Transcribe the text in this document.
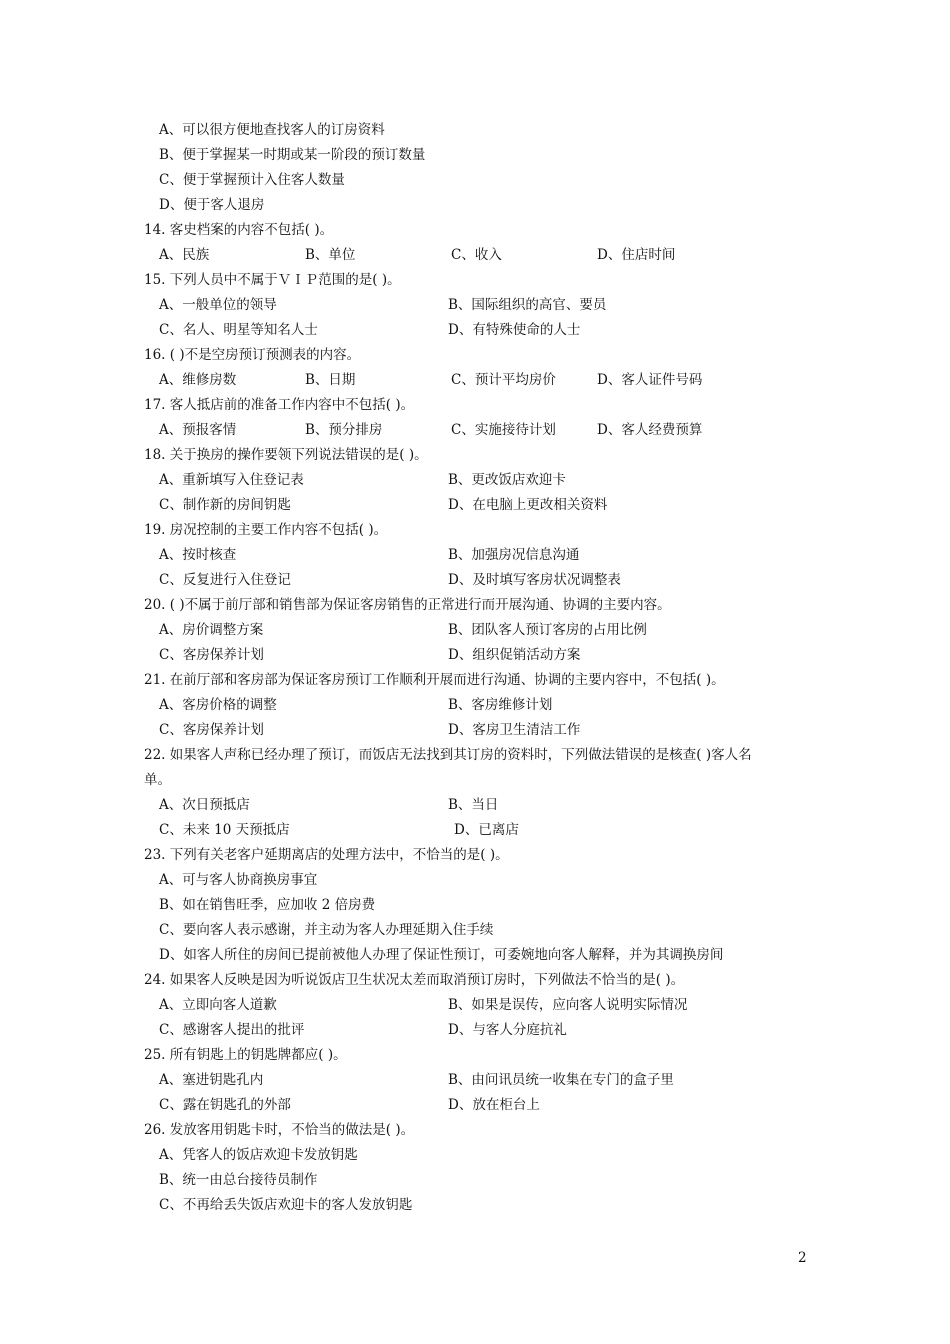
A、可以很方便地查找客人的订房资料
B、便于掌握某一时期或某一阶段的预订数量
C、便于掌握预计入住客人数量
D、便于客人退房
14. 客史档案的内容不包括( )。
A、民族	B、单位	C、收入	D、住店时间
15. 下列人员中不属于ＶＩＰ范围的是( )。
A、一般单位的领导	B、国际组织的高官、要员
C、名人、明星等知名人士	D、有特殊使命的人士
16. ( )不是空房预订预测表的内容。
A、维修房数	B、日期	C、预计平均房价	D、客人证件号码
17. 客人抵店前的准备工作内容中不包括( )。
A、预报客情	B、预分排房	C、实施接待计划	D、客人经费预算
18. 关于换房的操作要领下列说法错误的是( )。
A、重新填写入住登记表	B、更改饭店欢迎卡
C、制作新的房间钥匙	D、在电脑上更改相关资料
19. 房况控制的主要工作内容不包括( )。
A、按时核查	B、加强房况信息沟通
C、反复进行入住登记	D、及时填写客房状况调整表
20. ( )不属于前厅部和销售部为保证客房销售的正常进行而开展沟通、协调的主要内容。
A、房价调整方案	B、团队客人预订客房的占用比例
C、客房保养计划	D、组织促销活动方案
21. 在前厅部和客房部为保证客房预订工作顺利开展而进行沟通、协调的主要内容中，不包括( )。
A、客房价格的调整	B、客房维修计划
C、客房保养计划	D、客房卫生清洁工作
22. 如果客人声称已经办理了预订，而饭店无法找到其订房的资料时，下列做法错误的是核查( )客人名
单。
A、次日预抵店	B、当日
C、未来 10 天预抵店	D、已离店
23. 下列有关老客户延期离店的处理方法中，不恰当的是( )。
A、可与客人协商换房事宜
B、如在销售旺季，应加收 2 倍房费
C、要向客人表示感谢，并主动为客人办理延期入住手续
D、如客人所住的房间已提前被他人办理了保证性预订，可委婉地向客人解释，并为其调换房间
24. 如果客人反映是因为听说饭店卫生状况太差而取消预订房时，下列做法不恰当的是( )。
A、立即向客人道歉	B、如果是误传，应向客人说明实际情况
C、感谢客人提出的批评	D、与客人分庭抗礼
25. 所有钥匙上的钥匙牌都应( )。
A、塞进钥匙孔内	B、由问讯员统一收集在专门的盒子里
C、露在钥匙孔的外部	D、放在柜台上
26. 发放客用钥匙卡时，不恰当的做法是( )。
A、凭客人的饭店欢迎卡发放钥匙
B、统一由总台接待员制作
C、不再给丢失饭店欢迎卡的客人发放钥匙
2
